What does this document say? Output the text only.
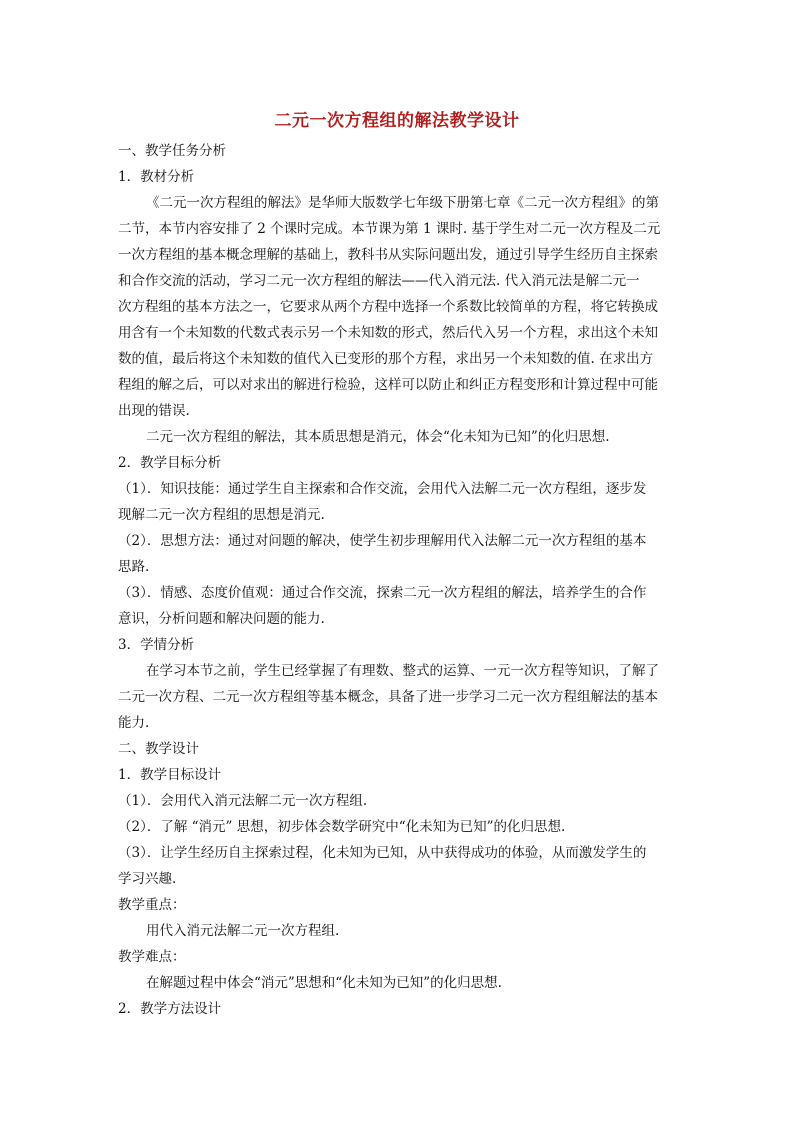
二元一次方程组的解法教学设计
一、教学任务分析
1．教材分析
《二元一次方程组的解法》是华师大版数学七年级下册第七章《二元一次方程组》的第
二节，本节内容安排了 2 个课时完成。本节课为第 1 课时. 基于学生对二元一次方程及二元
一次方程组的基本概念理解的基础上，教科书从实际问题出发，通过引导学生经历自主探索
和合作交流的活动，学习二元一次方程组的解法——代入消元法. 代入消元法是解二元一
次方程组的基本方法之一，它要求从两个方程中选择一个系数比较简单的方程，将它转换成
用含有一个未知数的代数式表示另一个未知数的形式，然后代入另一个方程，求出这个未知
数的值，最后将这个未知数的值代入已变形的那个方程，求出另一个未知数的值. 在求出方
程组的解之后，可以对求出的解进行检验，这样可以防止和纠正方程变形和计算过程中可能
出现的错误.
二元一次方程组的解法，其本质思想是消元，体会“化未知为已知”的化归思想.
2．教学目标分析
（1）．知识技能：通过学生自主探索和合作交流，会用代入法解二元一次方程组，逐步发
现解二元一次方程组的思想是消元.
（2）．思想方法：通过对问题的解决，使学生初步理解用代入法解二元一次方程组的基本
思路.
（3）．情感、态度价值观：通过合作交流，探索二元一次方程组的解法，培养学生的合作
意识，分析问题和解决问题的能力.
3．学情分析
在学习本节之前，学生已经掌握了有理数、整式的运算、一元一次方程等知识，了解了
二元一次方程、二元一次方程组等基本概念，具备了进一步学习二元一次方程组解法的基本
能力.
二、教学设计
1．教学目标设计
（1）．会用代入消元法解二元一次方程组.
（2）．了解 “消元” 思想，初步体会数学研究中“化未知为已知”的化归思想.
（3）．让学生经历自主探索过程，化未知为已知，从中获得成功的体验，从而激发学生的
学习兴趣.
教学重点：
用代入消元法解二元一次方程组.
教学难点：
在解题过程中体会“消元”思想和“化未知为已知”的化归思想.
2．教学方法设计
